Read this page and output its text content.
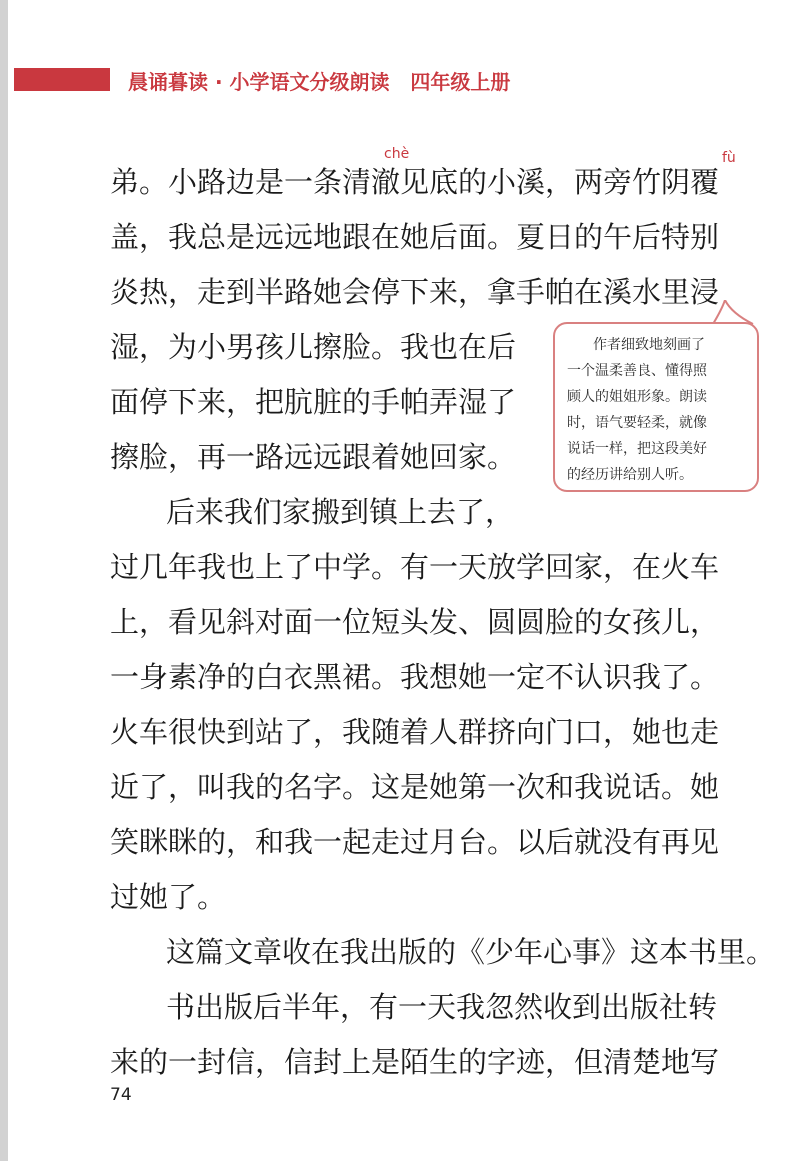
晨诵暮读 · 小学语文分级朗读 四年级上册
chè	fù
弟。小路边是一条清澈见底的小溪，两旁竹阴覆
盖，我总是远远地跟在她后面。夏日的午后特别
炎热，走到半路她会停下来，拿手帕在溪水里浸
湿，为小男孩儿擦脸。我也在后
面停下来，把肮脏的手帕弄湿了
擦脸，再一路远远跟着她回家。
后来我们家搬到镇上去了，
过几年我也上了中学。有一天放学回家，在火车
上，看见斜对面一位短头发、圆圆脸的女孩儿，
一身素净的白衣黑裙。我想她一定不认识我了。
火车很快到站了，我随着人群挤向门口，她也走
近了，叫我的名字。这是她第一次和我说话。她
笑眯眯的，和我一起走过月台。以后就没有再见
过她了。
这篇文章收在我出版的《少年心事》这本书里。
书出版后半年，有一天我忽然收到出版社转
来的一封信，信封上是陌生的字迹，但清楚地写
作者细致地刻画了
一个温柔善良、懂得照
顾人的姐姐形象。朗读
时，语气要轻柔，就像
说话一样，把这段美好
的经历讲给别人听。
74
